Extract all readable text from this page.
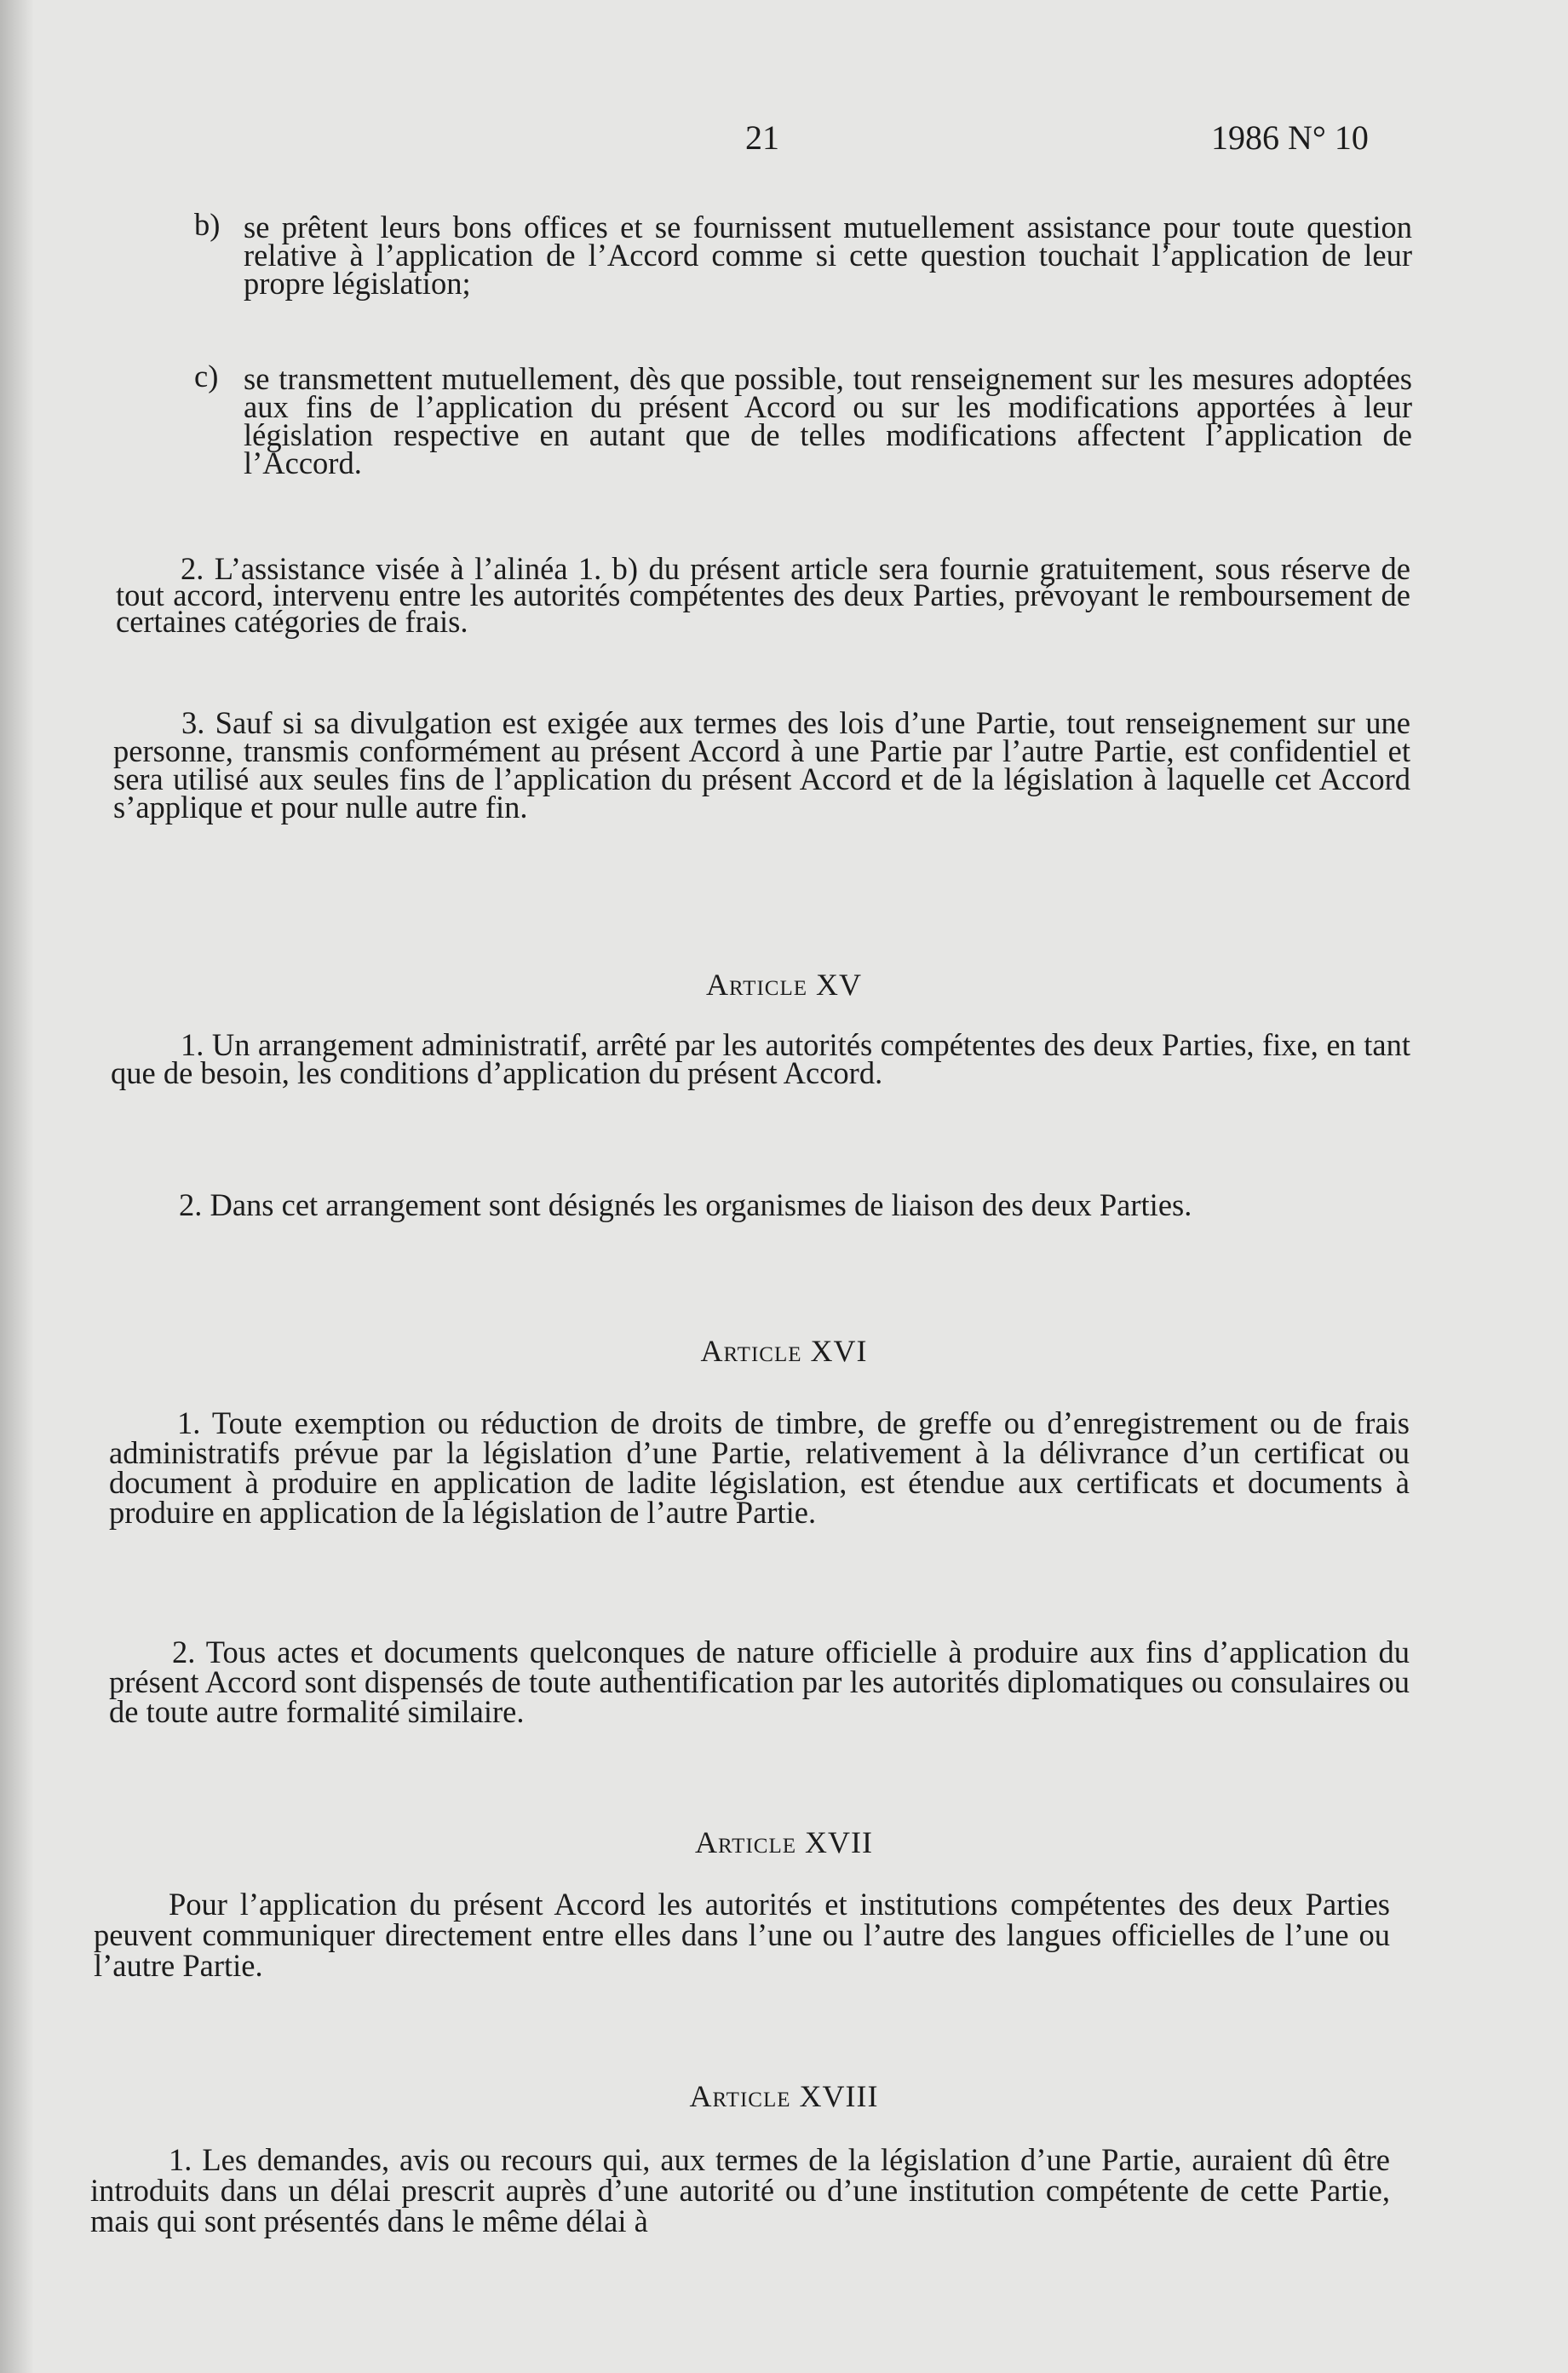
21	1986 N° 10
b) se prêtent leurs bons offices et se fournissent mutuellement assistance pour toute question relative à l’application de l’Accord comme si cette question touchait l’application de leur propre législation;
c) se transmettent mutuellement, dès que possible, tout renseignement sur les mesures adoptées aux fins de l’application du présent Accord ou sur les modifications apportées à leur législation respective en autant que de telles modifications affectent l’application de l’Accord.
2. L’assistance visée à l’alinéa 1. b) du présent article sera fournie gratuitement, sous réserve de tout accord, intervenu entre les autorités compétentes des deux Parties, prévoyant le remboursement de certaines catégories de frais.
3. Sauf si sa divulgation est exigée aux termes des lois d’une Partie, tout renseignement sur une personne, transmis conformément au présent Accord à une Partie par l’autre Partie, est confidentiel et sera utilisé aux seules fins de l’application du présent Accord et de la législation à laquelle cet Accord s’applique et pour nulle autre fin.
Article XV
1. Un arrangement administratif, arrêté par les autorités compétentes des deux Parties, fixe, en tant que de besoin, les conditions d’application du présent Accord.
2. Dans cet arrangement sont désignés les organismes de liaison des deux Parties.
Article XVI
1. Toute exemption ou réduction de droits de timbre, de greffe ou d’enregistrement ou de frais administratifs prévue par la législation d’une Partie, relativement à la délivrance d’un certificat ou document à produire en application de ladite législation, est étendue aux certificats et documents à produire en application de la législation de l’autre Partie.
2. Tous actes et documents quelconques de nature officielle à produire aux fins d’application du présent Accord sont dispensés de toute authentification par les autorités diplomatiques ou consulaires ou de toute autre formalité similaire.
Article XVII
Pour l’application du présent Accord les autorités et institutions compétentes des deux Parties peuvent communiquer directement entre elles dans l’une ou l’autre des langues officielles de l’une ou l’autre Partie.
Article XVIII
1. Les demandes, avis ou recours qui, aux termes de la législation d’une Partie, auraient dû être introduits dans un délai prescrit auprès d’une autorité ou d’une institution compétente de cette Partie, mais qui sont présentés dans le même délai à
